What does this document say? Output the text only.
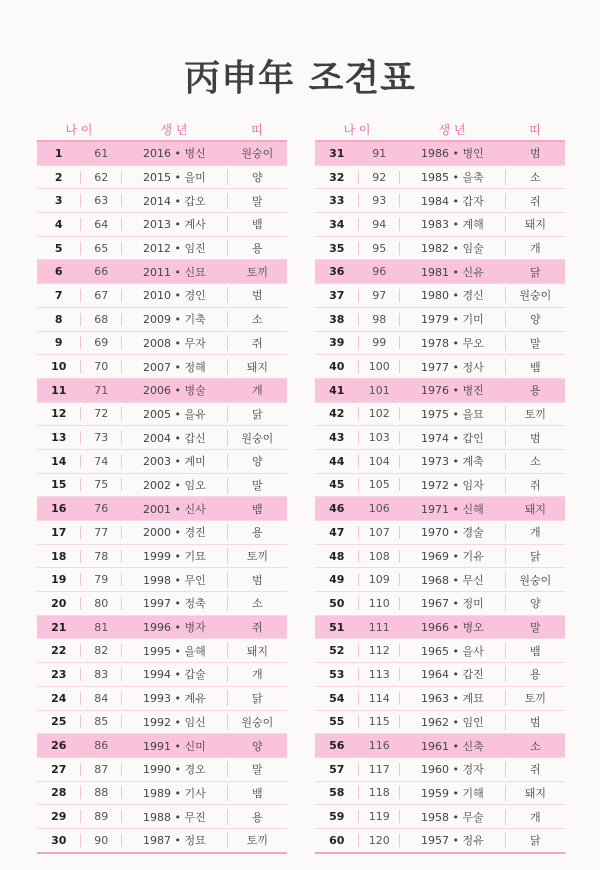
丙申年 조견표
나 이	생 년	띠
1	61	2016 • 병신	원숭이
2	62	2015 • 을미	양
3	63	2014 • 갑오	말
4	64	2013 • 계사	뱀
5	65	2012 • 임진	용
6	66	2011 • 신묘	토끼
7	67	2010 • 경인	범
8	68	2009 • 기축	소
9	69	2008 • 무자	쥐
10	70	2007 • 정해	돼지
11	71	2006 • 병술	개
12	72	2005 • 을유	닭
13	73	2004 • 갑신	원숭이
14	74	2003 • 계미	양
15	75	2002 • 임오	말
16	76	2001 • 신사	뱀
17	77	2000 • 경진	용
18	78	1999 • 기묘	토끼
19	79	1998 • 무인	범
20	80	1997 • 정축	소
21	81	1996 • 병자	쥐
22	82	1995 • 을해	돼지
23	83	1994 • 갑술	개
24	84	1993 • 계유	닭
25	85	1992 • 임신	원숭이
26	86	1991 • 신미	양
27	87	1990 • 경오	말
28	88	1989 • 기사	뱀
29	89	1988 • 무진	용
30	90	1987 • 정묘	토끼
나 이	생 년	띠
31	91	1986 • 병인	범
32	92	1985 • 을축	소
33	93	1984 • 갑자	쥐
34	94	1983 • 계해	돼지
35	95	1982 • 임술	개
36	96	1981 • 신유	닭
37	97	1980 • 경신	원숭이
38	98	1979 • 기미	양
39	99	1978 • 무오	말
40	100	1977 • 정사	뱀
41	101	1976 • 병진	용
42	102	1975 • 을묘	토끼
43	103	1974 • 갑인	범
44	104	1973 • 계축	소
45	105	1972 • 임자	쥐
46	106	1971 • 신해	돼지
47	107	1970 • 경술	개
48	108	1969 • 기유	닭
49	109	1968 • 무신	원숭이
50	110	1967 • 정미	양
51	111	1966 • 병오	말
52	112	1965 • 을사	뱀
53	113	1964 • 갑진	용
54	114	1963 • 계묘	토끼
55	115	1962 • 임인	범
56	116	1961 • 신축	소
57	117	1960 • 경자	쥐
58	118	1959 • 기해	돼지
59	119	1958 • 무술	개
60	120	1957 • 정유	닭
